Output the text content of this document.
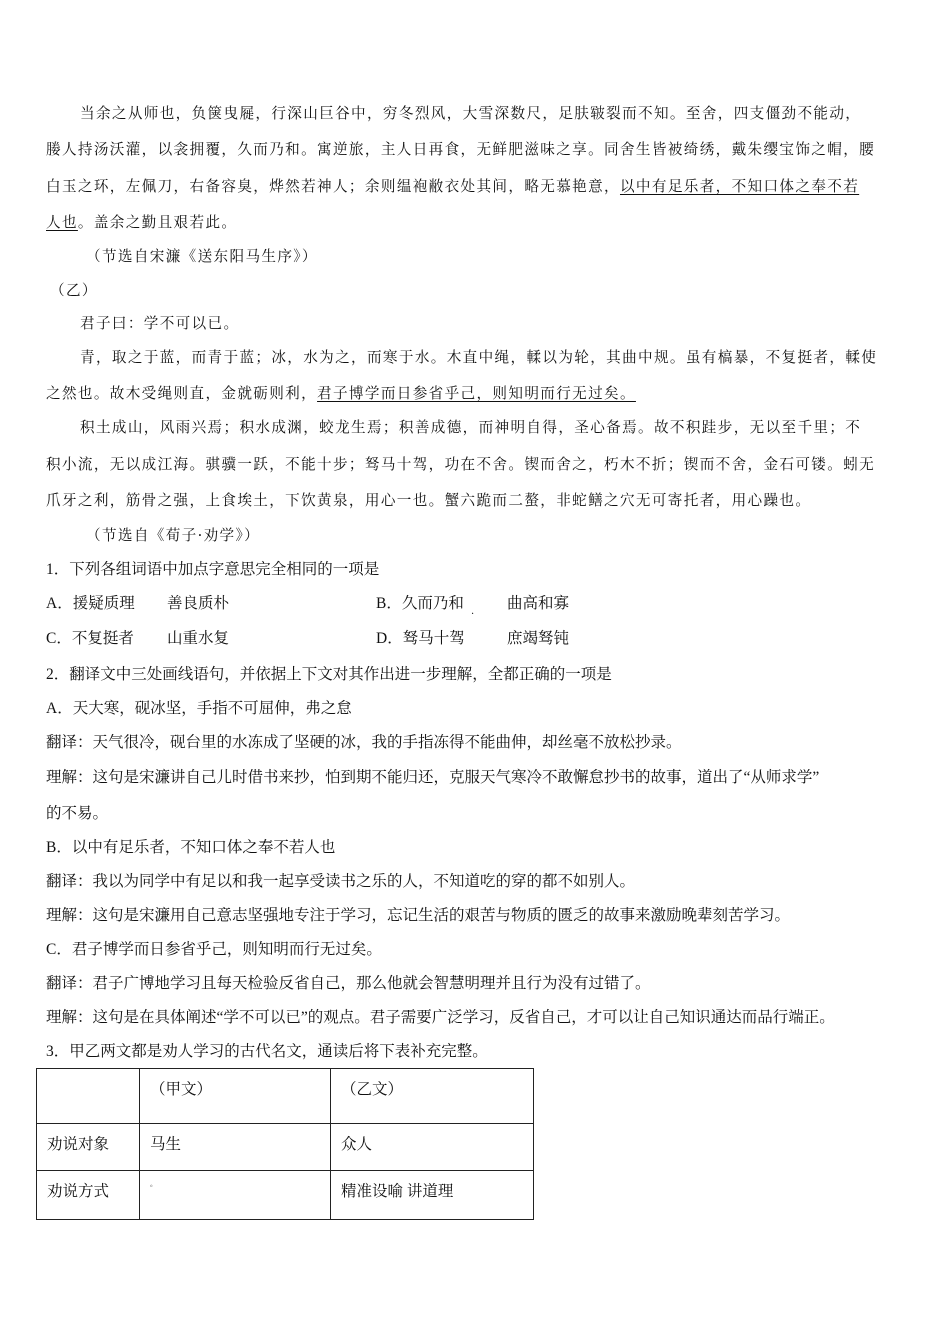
当余之从师也，负箧曳屣，行深山巨谷中，穷冬烈风，大雪深数尺，足肤皲裂而不知。至舍，四支僵劲不能动，
媵人持汤沃灌，以衾拥覆，久而乃和。寓逆旅，主人日再食，无鲜肥滋味之享。同舍生皆被绮绣，戴朱缨宝饰之帽，腰
白玉之环，左佩刀，右备容臭，烨然若神人；余则缊袍敝衣处其间，略无慕艳意，以中有足乐者，不知口体之奉不若
人也。盖余之勤且艰若此。
（节选自宋濂《送东阳马生序》）
（乙）
君子曰：学不可以已。
青，取之于蓝，而青于蓝；冰，水为之，而寒于水。木直中绳，輮以为轮，其曲中规。虽有槁暴，不复挺者，輮使
之然也。故木受绳则直，金就砺则利，君子博学而日参省乎己，则知明而行无过矣。
积土成山，风雨兴焉；积水成渊，蛟龙生焉；积善成德，而神明自得，圣心备焉。故不积跬步，无以至千里；不
积小流，无以成江海。骐骥一跃，不能十步；驽马十驾，功在不舍。锲而舍之，朽木不折；锲而不舍，金石可镂。蚓无
爪牙之利，筋骨之强，上食埃土，下饮黄泉，用心一也。蟹六跪而二螯，非蛇鳝之穴无可寄托者，用心躁也。
（节选自《荀子·劝学》）
1．下列各组词语中加点字意思完全相同的一项是
A．援疑质理 善良质朴	B．久而乃和 . 曲高和寡
C．不复挺者 山重水复	D．驽马十驾	庶竭驽钝
2．翻译文中三处画线语句，并依据上下文对其作出进一步理解，全都正确的一项是
A．天大寒，砚冰坚，手指不可屈伸，弗之怠
翻译：天气很冷，砚台里的水冻成了坚硬的冰，我的手指冻得不能曲伸，却丝毫不放松抄录。
理解：这句是宋濂讲自己儿时借书来抄，怕到期不能归还，克服天气寒冷不敢懈怠抄书的故事，道出了“从师求学”
的不易。
B．以中有足乐者，不知口体之奉不若人也
翻译：我以为同学中有足以和我一起享受读书之乐的人，不知道吃的穿的都不如别人。
理解：这句是宋濂用自己意志坚强地专注于学习，忘记生活的艰苦与物质的匮乏的故事来激励晚辈刻苦学习。
C．君子博学而日参省乎己，则知明而行无过矣。
翻译：君子广博地学习且每天检验反省自己，那么他就会智慧明理并且行为没有过错了。
理解：这句是在具体阐述“学不可以已”的观点。君子需要广泛学习，反省自己，才可以让自己知识通达而品行端正。
3．甲乙两文都是劝人学习的古代名文，通读后将下表补充完整。
	（甲文）	（乙文）
劝说对象	马生	众人
劝说方式	。	精准设喻 讲道理
